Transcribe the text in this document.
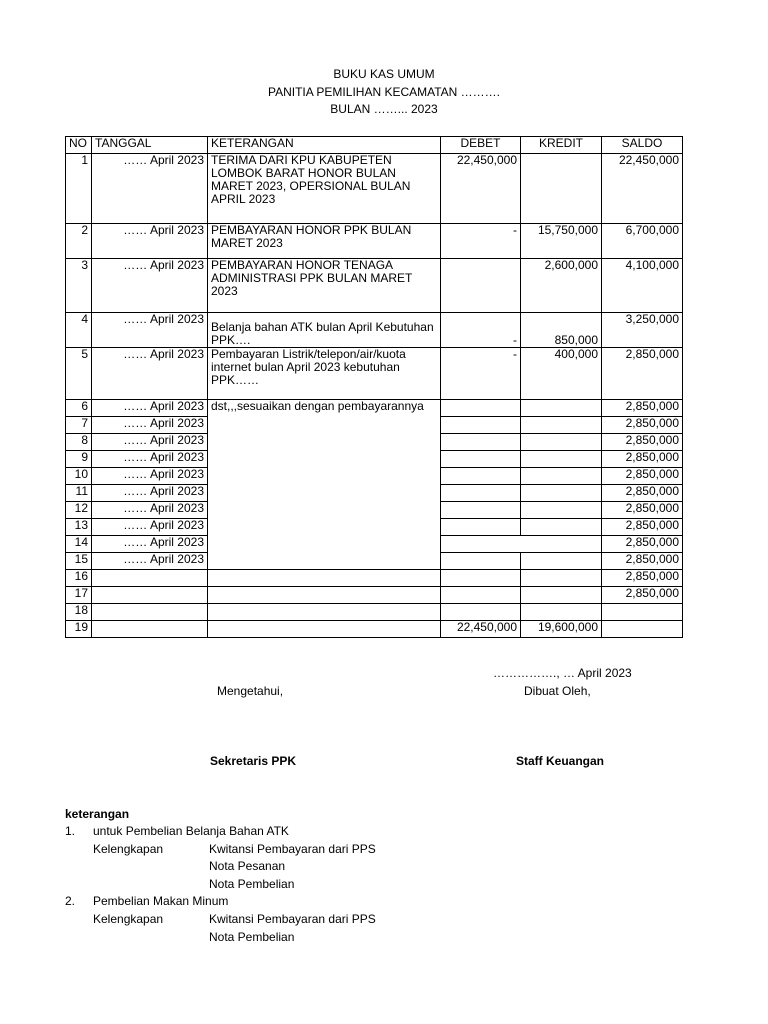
BUKU KAS UMUM
PANITIA PEMILIHAN KECAMATAN ……….
BULAN ……... 2023
NO	TANGGAL	KETERANGAN	DEBET	KREDIT	SALDO
1	…… April 2023	TERIMA DARI KPU KABUPETEN LOMBOK BARAT HONOR BULAN MARET 2023, OPERSIONAL BULAN APRIL 2023	22,450,000		22,450,000
2	…… April 2023	PEMBAYARAN HONOR PPK BULAN MARET 2023	-	15,750,000	6,700,000
3	…… April 2023	PEMBAYARAN HONOR TENAGA ADMINISTRASI PPK BULAN MARET 2023		2,600,000	4,100,000
4	…… April 2023	Belanja bahan ATK bulan April Kebutuhan PPK….	-	850,000	3,250,000
5	…… April 2023	Pembayaran Listrik/telepon/air/kuota internet bulan April 2023 kebutuhan PPK……	-	400,000	2,850,000
6	…… April 2023	dst,,,sesuaikan dengan pembayarannya			2,850,000
7	…… April 2023				2,850,000
8	…… April 2023				2,850,000
9	…… April 2023				2,850,000
10	…… April 2023				2,850,000
11	…… April 2023				2,850,000
12	…… April 2023				2,850,000
13	…… April 2023				2,850,000
14	…… April 2023				2,850,000
15	…… April 2023				2,850,000
16					2,850,000
17					2,850,000
18					
19			22,450,000	19,600,000	
……………., … April 2023
Mengetahui,	Dibuat Oleh,
Sekretaris PPK	Staff Keuangan
keterangan
1. untuk Pembelian Belanja Bahan ATK
Kelengkapan	Kwitansi Pembayaran dari PPS
Nota Pesanan
Nota Pembelian
2. Pembelian Makan Minum
Kelengkapan	Kwitansi Pembayaran dari PPS
Nota Pembelian
